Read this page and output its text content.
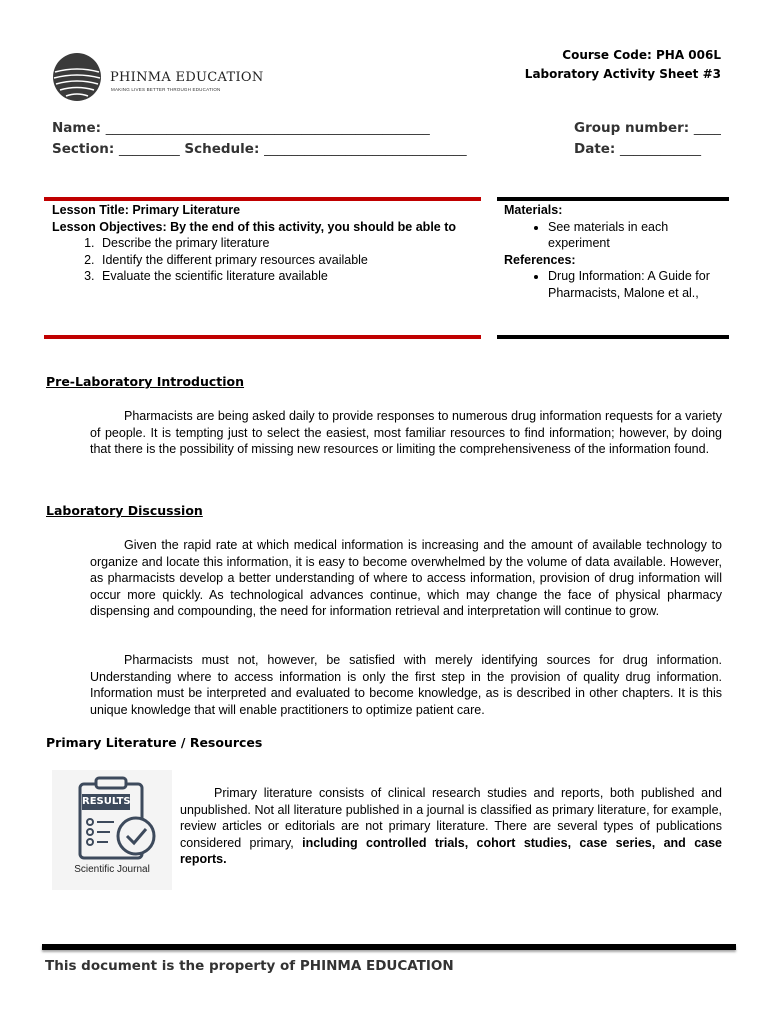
PHINMA EDUCATION
MAKING LIVES BETTER THROUGH EDUCATION
Course Code: PHA 006L
Laboratory Activity Sheet #3
Name: ________________________________________________	Group number: ____
Section: _________ Schedule: ______________________________	Date: ____________
Lesson Title: Primary Literature
Lesson Objectives: By the end of this activity, you should be able to
1. Describe the primary literature
2. Identify the different primary resources available
3. Evaluate the scientific literature available
Materials:
• See materials in each experiment
References:
• Drug Information: A Guide for Pharmacists, Malone et al.,
Pre-Laboratory Introduction
Pharmacists are being asked daily to provide responses to numerous drug information requests for a variety of people. It is tempting just to select the easiest, most familiar resources to find information; however, by doing that there is the possibility of missing new resources or limiting the comprehensiveness of the information found.
Laboratory Discussion
Given the rapid rate at which medical information is increasing and the amount of available technology to organize and locate this information, it is easy to become overwhelmed by the volume of data available. However, as pharmacists develop a better understanding of where to access information, provision of drug information will occur more quickly. As technological advances continue, which may change the face of physical pharmacy dispensing and compounding, the need for information retrieval and interpretation will continue to grow.
Pharmacists must not, however, be satisfied with merely identifying sources for drug information. Understanding where to access information is only the first step in the provision of quality drug information. Information must be interpreted and evaluated to become knowledge, as is described in other chapters. It is this unique knowledge that will enable practitioners to optimize patient care.
Primary Literature / Resources
RESULTS
Scientific Journal
Primary literature consists of clinical research studies and reports, both published and unpublished. Not all literature published in a journal is classified as primary literature, for example, review articles or editorials are not primary literature. There are several types of publications considered primary, including controlled trials, cohort studies, case series, and case reports.
This document is the property of PHINMA EDUCATION
